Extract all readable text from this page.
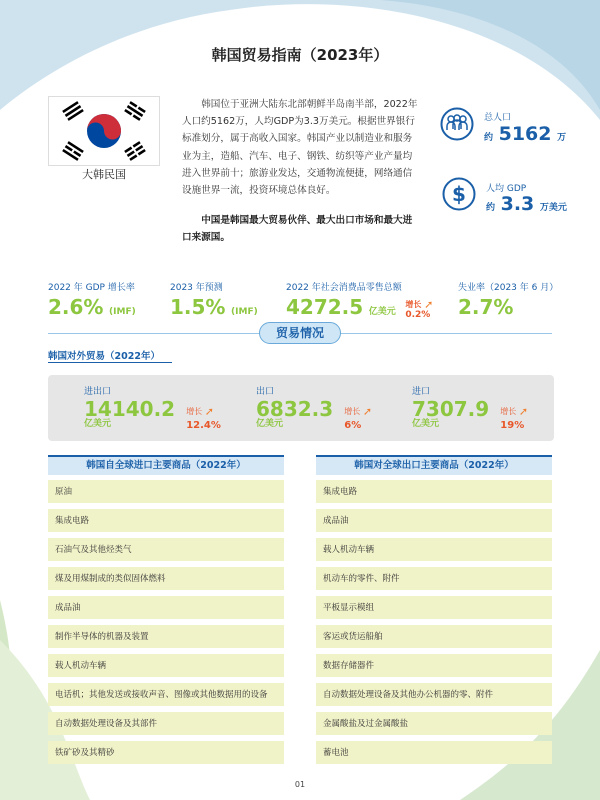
韩国贸易指南（2023年）
大韩民国

韩国位于亚洲大陆东北部朝鲜半岛南半部，2022年人口约5162万，人均GDP为3.3万美元。根据世界银行标准划分，属于高收入国家。韩国产业以制造业和服务业为主，造船、汽车、电子、钢铁、纺织等产业产量均进入世界前十；旅游业发达，交通物流便捷，网络通信设施世界一流，投资环境总体良好。

中国是韩国最大贸易伙伴、最大出口市场和最大进口来源国。

总人口
约 5162 万
$ 人均 GDP
约 3.3 万美元
2022 年 GDP 增长率
2.6% (IMF)
2023 年预测
1.5% (IMF)
2022 年社会消费品零售总额
4272.5 亿美元 增长 ➚
0.2%
失业率（2023 年 6 月）
2.7%
贸易情况
韩国对外贸易（2022年）
进出口
14140.2
亿美元
增长 ➚
12.4%
出口
6832.3
亿美元
增长 ➚
6%
进口
7307.9
亿美元
增长 ➚
19%
韩国自全球进口主要商品（2022年）	韩国对全球出口主要商品（2022年）
原油
集成电路
石油气及其他烃类气
煤及用煤制成的类似固体燃料
成品油
制作半导体的机器及装置
载人机动车辆
电话机；其他发送或接收声音、图像或其他数据用的设备
自动数据处理设备及其部件
铁矿砂及其精砂
集成电路
成品油
载人机动车辆
机动车的零件、附件
平板显示模组
客运或货运船舶
数据存储器件
自动数据处理设备及其他办公机器的零、附件
金属酸盐及过金属酸盐
蓄电池
01
